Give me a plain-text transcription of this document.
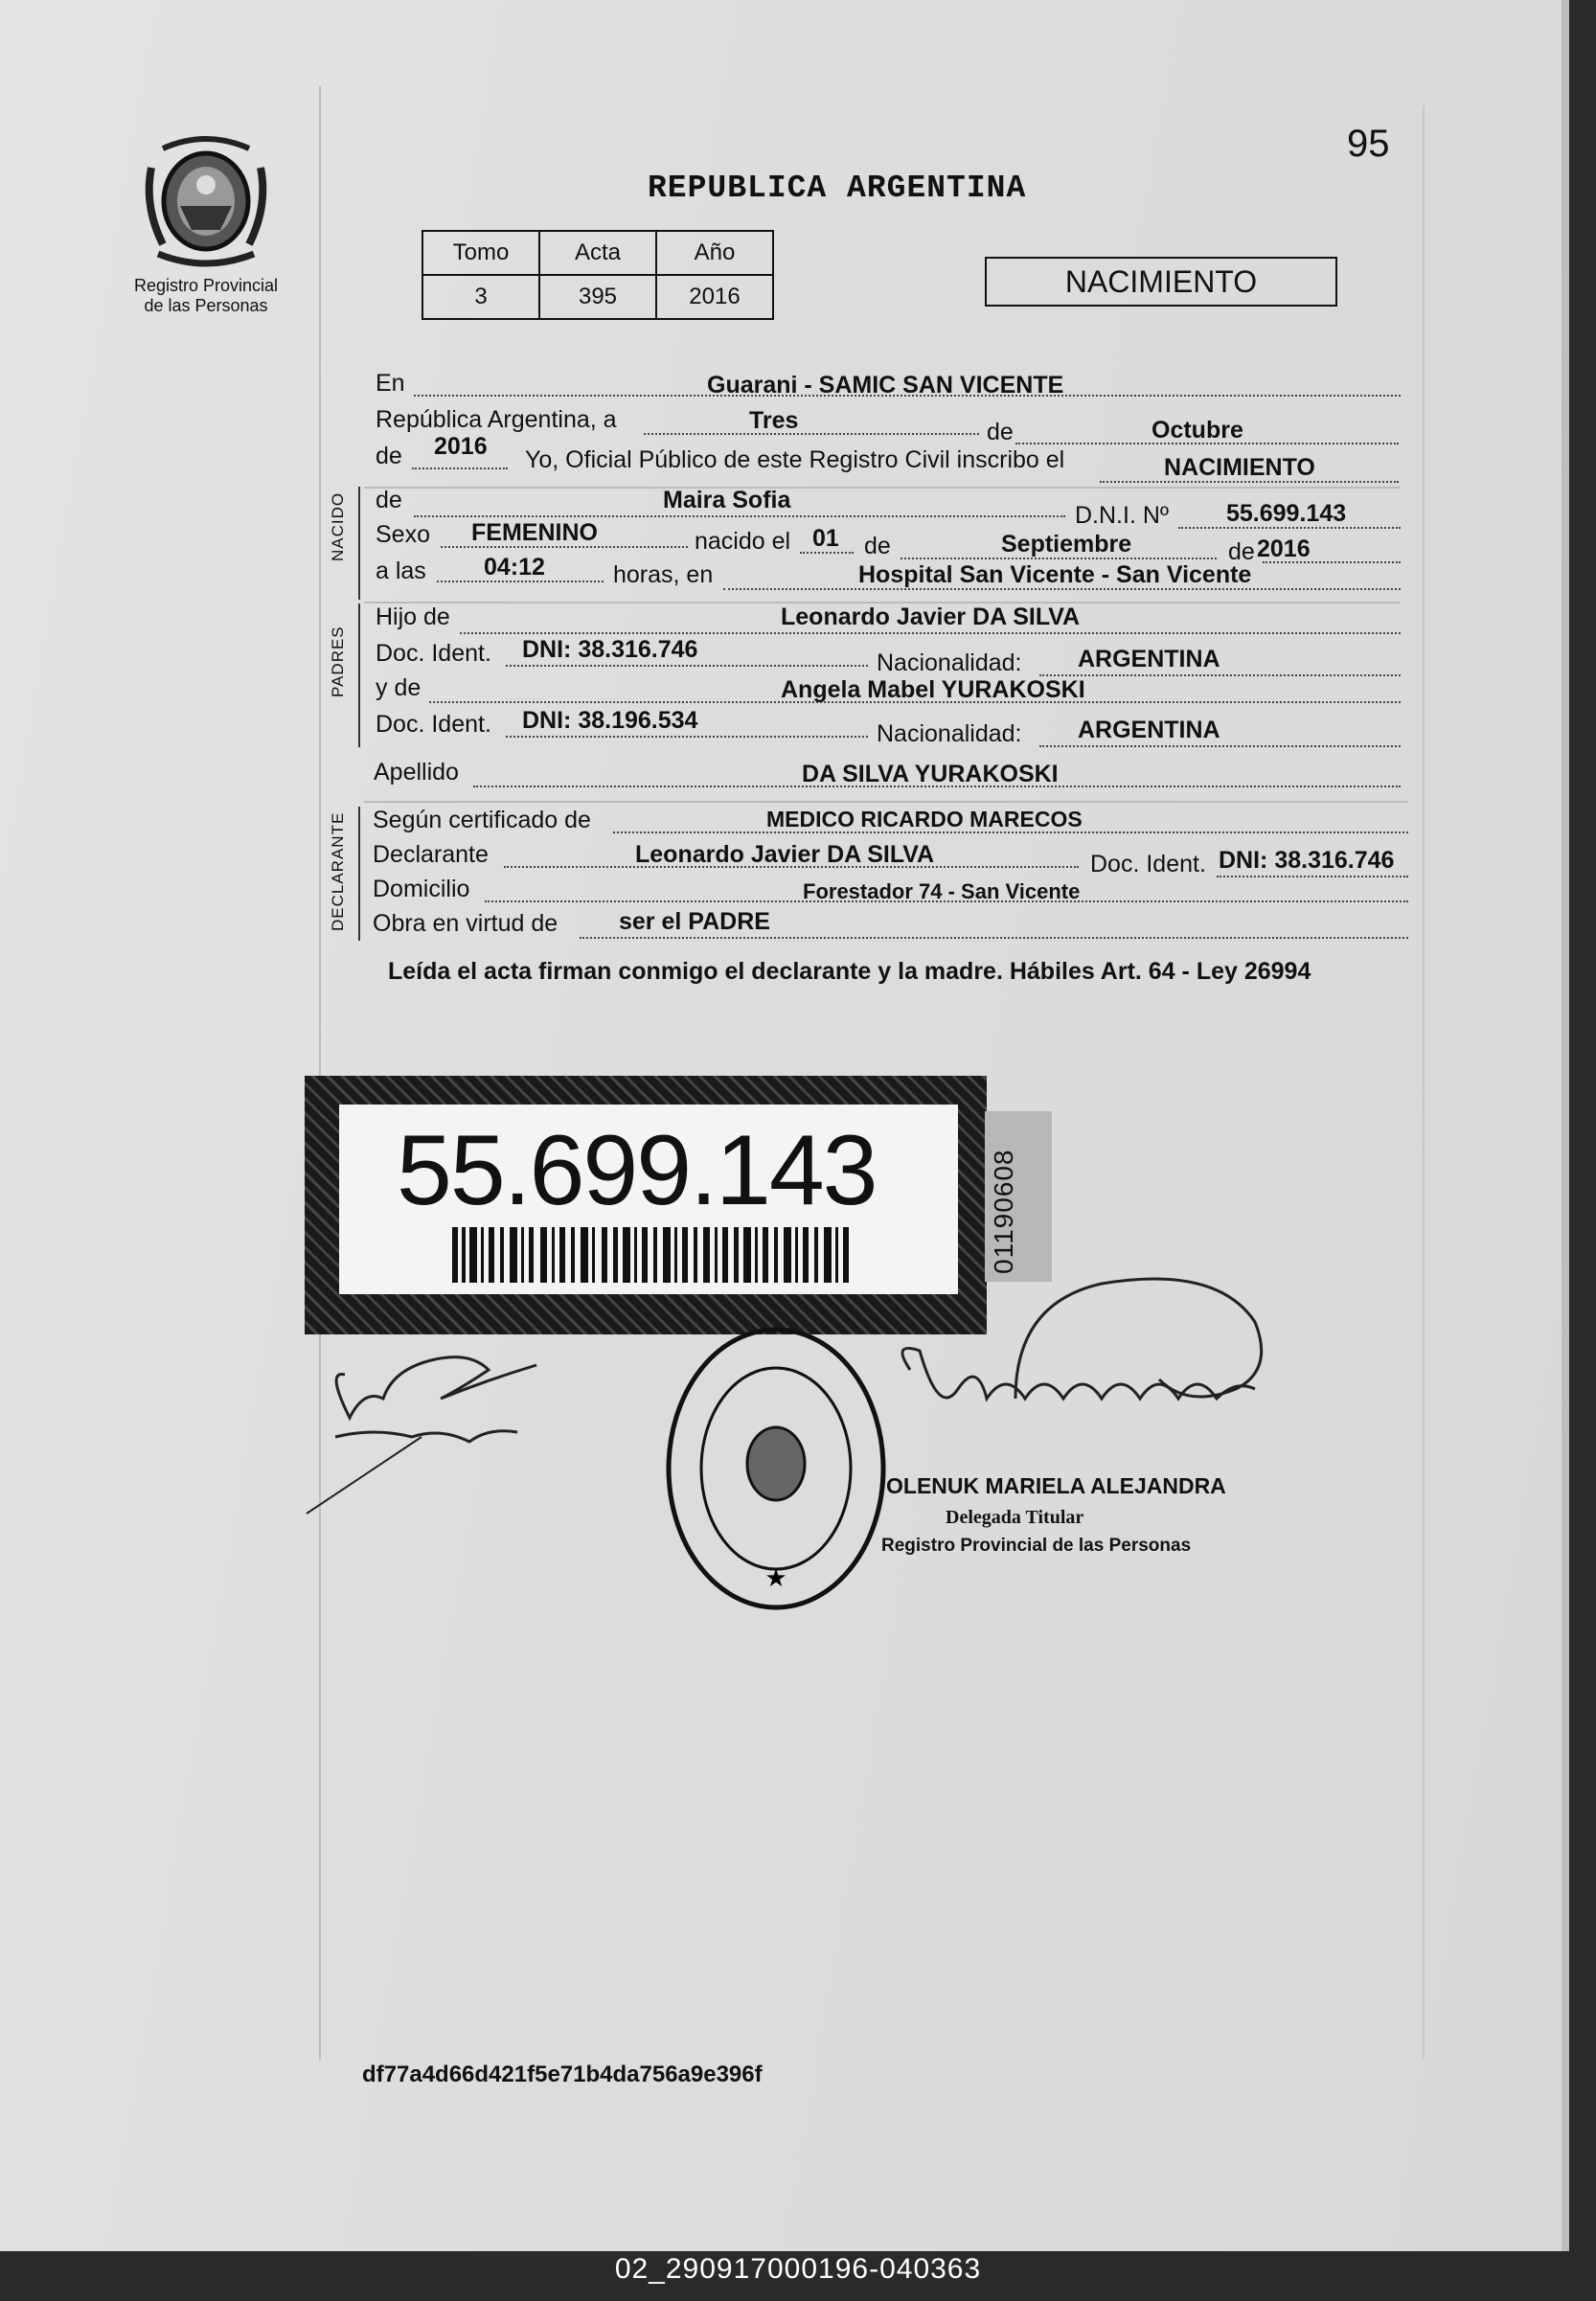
95
Registro Provincial
de las Personas
REPUBLICA ARGENTINA
Tomo	Acta	Año
3	395	2016	NACIMIENTO
En	Guarani - SAMIC SAN VICENTE
República Argentina, a	Tres	de	Octubre
de 2016 Yo, Oficial Público de este Registro Civil inscribo el	NACIMIENTO
NACIDO de	Maira Sofia
D.N.I. Nº 55.699.143
Sexo FEMENINO	nacido el 01 de	Septiembre	de 2016
a las 04:12	horas, en	Hospital San Vicente - San Vicente
PADRES
Hijo de	Leonardo Javier DA SILVA
Doc. Ident. DNI: 38.316.746	Nacionalidad: ARGENTINA
y de	Angela Mabel YURAKOSKI
Doc. Ident. DNI: 38.196.534	Nacionalidad: ARGENTINA
Apellido	DA SILVA YURAKOSKI
DECLARANTE Según certificado de	MEDICO RICARDO MARECOS
Declarante	Leonardo Javier DA SILVA	Doc. Ident. DNI: 38.316.746
Domicilio	Forestador 74 - San Vicente
Obra en virtud de	ser el PADRE
Leída el acta firman conmigo el declarante y la madre. Hábiles Art. 64 - Ley 26994
55.699.143	01190608
★
OLENUK MARIELA ALEJANDRA
Delegada Titular
Registro Provincial de las Personas
df77a4d66d421f5e71b4da756a9e396f
02_290917000196-040363
